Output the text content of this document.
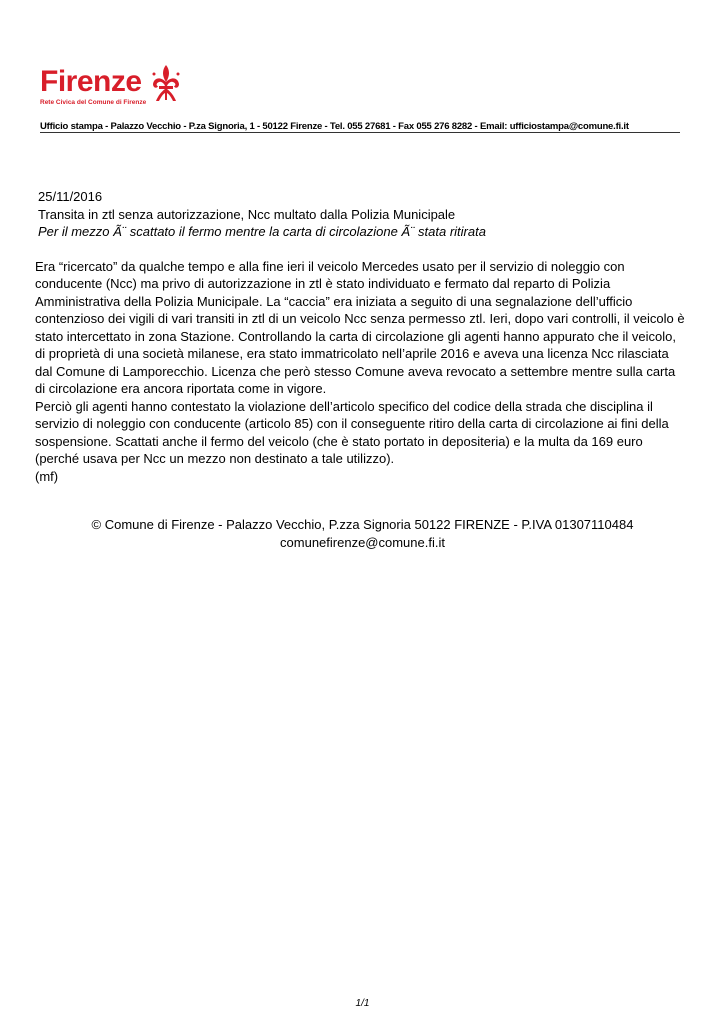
Firenze
Rete Civica del Comune di Firenze
Ufficio stampa - Palazzo Vecchio - P.za Signoria, 1 - 50122 Firenze - Tel. 055 27681 - Fax 055 276 8282 - Email: ufficiostampa@comune.fi.it
25/11/2016
Transita in ztl senza autorizzazione, Ncc multato dalla Polizia Municipale
Per il mezzo Ã¨ scattato il fermo mentre la carta di circolazione Ã¨ stata ritirata

Era “ricercato” da qualche tempo e alla fine ieri il veicolo Mercedes usato per il servizio di noleggio con conducente (Ncc) ma privo di autorizzazione in ztl è stato individuato e fermato dal reparto di Polizia Amministrativa della Polizia Municipale. La “caccia” era iniziata a seguito di una segnalazione dell’ufficio contenzioso dei vigili di vari transiti in ztl di un veicolo Ncc senza permesso ztl. Ieri, dopo vari controlli, il veicolo è stato intercettato in zona Stazione. Controllando la carta di circolazione gli agenti hanno appurato che il veicolo, di proprietà di una società milanese, era stato immatricolato nell’aprile 2016 e aveva una licenza Ncc rilasciata dal Comune di Lamporecchio. Licenza che però stesso Comune aveva revocato a settembre mentre sulla carta di circolazione era ancora riportata come in vigore.

Perciò gli agenti hanno contestato la violazione dell’articolo specifico del codice della strada che disciplina il servizio di noleggio con conducente (articolo 85) con il conseguente ritiro della carta di circolazione ai fini della sospensione. Scattati anche il fermo del veicolo (che è stato portato in depositeria) e la multa da 169 euro (perché usava per Ncc un mezzo non destinato a tale utilizzo).

(mf)

© Comune di Firenze - Palazzo Vecchio, P.zza Signoria 50122 FIRENZE - P.IVA 01307110484
comunefirenze@comune.fi.it
1/1
